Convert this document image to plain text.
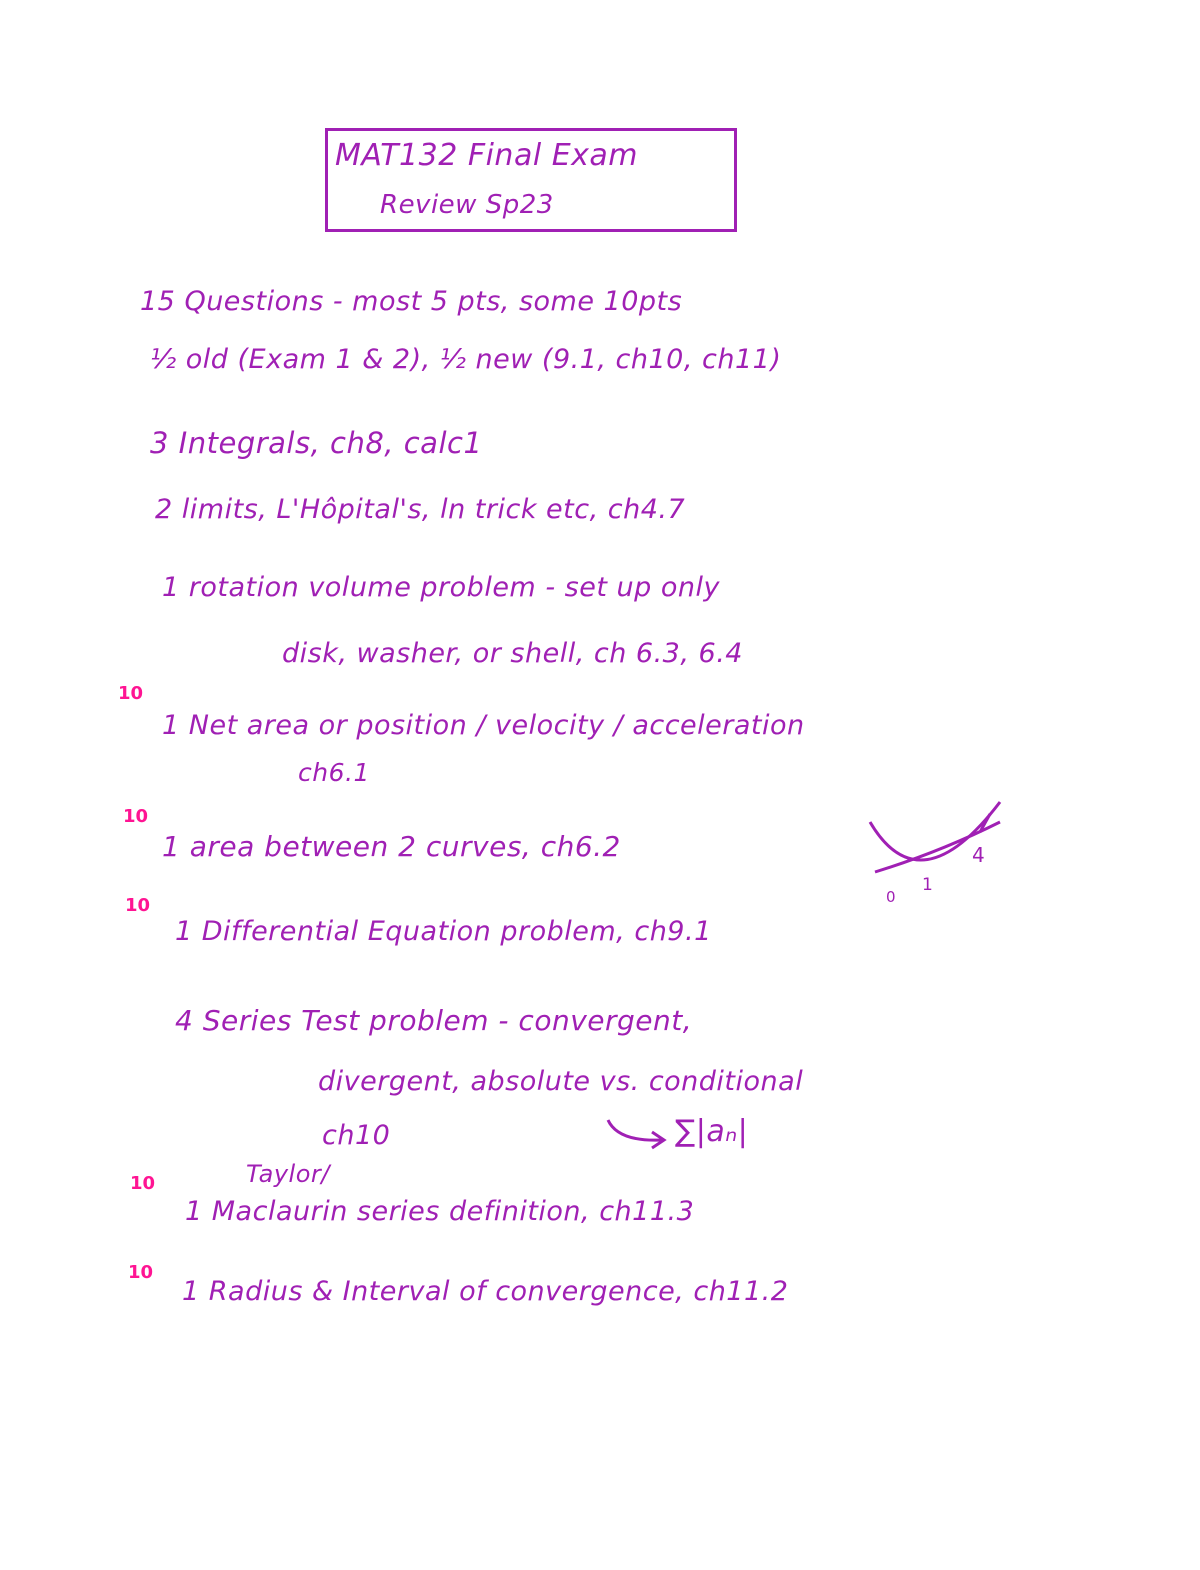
MAT132 Final Exam
Review Sp23
15 Questions - most 5 pts, some 10pts
½ old (Exam 1 & 2), ½ new (9.1, ch10, ch11)
3 Integrals, ch8, calc1
2 limits, L'Hôpital's, ln trick etc, ch4.7
1 rotation volume problem - set up only
disk, washer, or shell, ch 6.3, 6.4
10
1 Net area or position / velocity / acceleration
ch6.1
10
1 area between 2 curves, ch6.2
0
1
4
10
1 Differential Equation problem, ch9.1
4 Series Test problem - convergent,
divergent, absolute vs. conditional
ch10	∑|aₙ|
10	Taylor/
1 Maclaurin series definition, ch11.3
10
1 Radius & Interval of convergence, ch11.2
